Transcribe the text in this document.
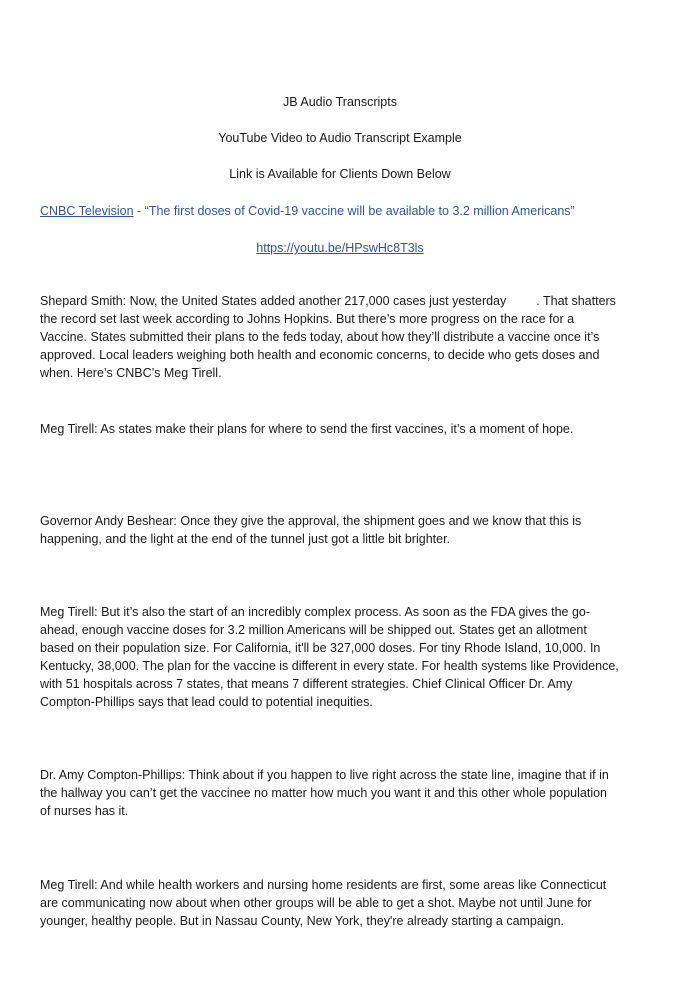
JB Audio Transcripts
YouTube Video to Audio Transcript Example
Link is Available for Clients Down Below
CNBC Television - “The first doses of Covid-19 vaccine will be available to 3.2 million Americans”
https://youtu.be/HPswHc8T3ls
Shepard Smith: Now, the United States added another 217,000 cases just yesterday . That shatters
the record set last week according to Johns Hopkins. But there’s more progress on the race for a
Vaccine. States submitted their plans to the feds today, about how they’ll distribute a vaccine once it’s
approved. Local leaders weighing both health and economic concerns, to decide who gets doses and
when. Here’s CNBC’s Meg Tirell.
Meg Tirell: As states make their plans for where to send the first vaccines, it’s a moment of hope.
Governor Andy Beshear: Once they give the approval, the shipment goes and we know that this is
happening, and the light at the end of the tunnel just got a little bit brighter.
Meg Tirell: But it’s also the start of an incredibly complex process. As soon as the FDA gives the go-
ahead, enough vaccine doses for 3.2 million Americans will be shipped out. States get an allotment
based on their population size. For California, it'll be 327,000 doses. For tiny Rhode Island, 10,000. In
Kentucky, 38,000. The plan for the vaccine is different in every state. For health systems like Providence,
with 51 hospitals across 7 states, that means 7 different strategies. Chief Clinical Officer Dr. Amy
Compton-Phillips says that lead could to potential inequities.
Dr. Amy Compton-Phillips: Think about if you happen to live right across the state line, imagine that if in
the hallway you can’t get the vaccinee no matter how much you want it and this other whole population
of nurses has it.
Meg Tirell: And while health workers and nursing home residents are first, some areas like Connecticut
are communicating now about when other groups will be able to get a shot. Maybe not until June for
younger, healthy people. But in Nassau County, New York, they're already starting a campaign.
